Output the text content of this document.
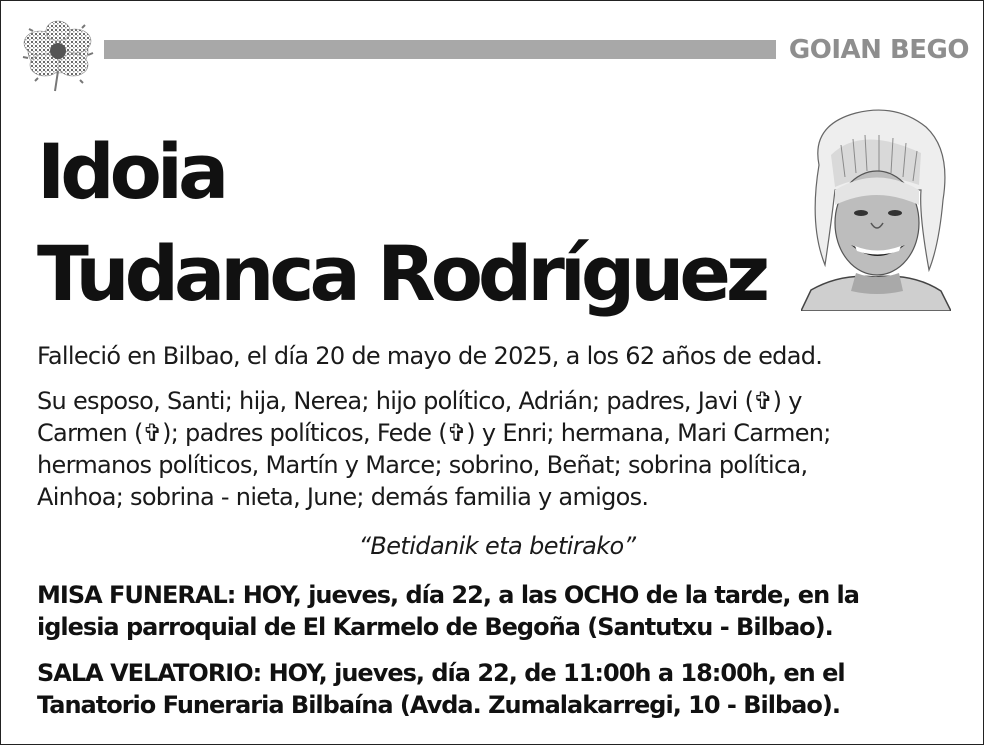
GOIAN BEGO
Idoia
Tudanca Rodríguez
Falleció en Bilbao, el día 20 de mayo de 2025, a los 62 años de edad.

Su esposo, Santi; hija, Nerea; hijo político, Adrián; padres, Javi (✞) y

Carmen (✞); padres políticos, Fede (✞) y Enri; hermana, Mari Carmen;

hermanos políticos, Martín y Marce; sobrino, Beñat; sobrina política,

Ainhoa; sobrina - nieta, June; demás familia y amigos.

“Betidanik eta betirako”

MISA FUNERAL: HOY, jueves, día 22, a las OCHO de la tarde, en la

iglesia parroquial de El Karmelo de Begoña (Santutxu - Bilbao).

SALA VELATORIO: HOY, jueves, día 22, de 11:00h a 18:00h, en el

Tanatorio Funeraria Bilbaína (Avda. Zumalakarregi, 10 - Bilbao).
